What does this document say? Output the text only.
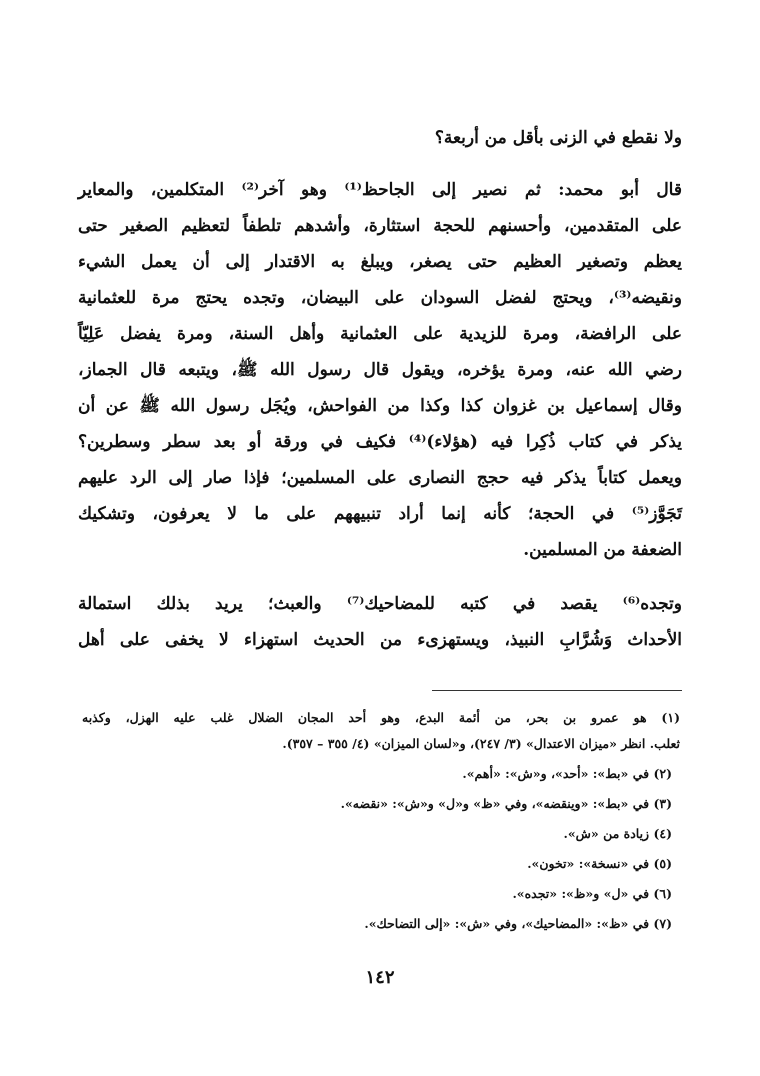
ولا نقطع في الزنى بأقل من أربعة؟
قال أبو محمد: ثم نصير إلى الجاحظ⁽¹⁾ وهو آخر⁽²⁾ المتكلمين، والمعاير
على المتقدمين، وأحسنهم للحجة استثارة، وأشدهم تلطفاً لتعظيم الصغير حتى
يعظم وتصغير العظيم حتى يصغر، ويبلغ به الاقتدار إلى أن يعمل الشيء
ونقيضه⁽³⁾، ويحتج لفضل السودان على البيضان، وتجده يحتج مرة للعثمانية
على الرافضة، ومرة للزيدية على العثمانية وأهل السنة، ومرة يفضل عَلِيّاً
رضي الله عنه، ومرة يؤخره، ويقول قال رسول الله ﷺ، ويتبعه قال الجماز،
وقال إسماعيل بن غزوان كذا وكذا من الفواحش، ويُجَل رسول الله ﷺ عن أن
يذكر في كتاب ذُكِرا فيه (هؤلاء)⁽⁴⁾ فكيف في ورقة أو بعد سطر وسطرين؟
ويعمل كتاباً يذكر فيه حجج النصارى على المسلمين؛ فإذا صار إلى الرد عليهم
تَجَوَّز⁽⁵⁾ في الحجة؛ كأنه إنما أراد تنبيههم على ما لا يعرفون، وتشكيك
الضعفة من المسلمين.
وتجده⁽⁶⁾ يقصد في كتبه للمضاحيك⁽⁷⁾ والعبث؛ يريد بذلك استمالة
الأحداث وَشُرَّابِ النبيذ، ويستهزىء من الحديث استهزاء لا يخفى على أهل
(١) هو عمرو بن بحر، من أئمة البدع، وهو أحد المجان الضلال غلب عليه الهزل، وكذبه
ثعلب. انظر «ميزان الاعتدال» (٣/ ٢٤٧)، و«لسان الميزان» (٤/ ٣٥٥ – ٣٥٧).
(٢) في «بط»: «أحد»، و«ش»: «أهم».
(٣) في «بط»: «وينقضه»، وفي «ظ» و«ل» و«ش»: «نقضه».
(٤) زيادة من «ش».
(٥) في «نسخة»: «تخون».
(٦) في «ل» و«ظ»: «تجده».
(٧) في «ظ»: «المضاحيك»، وفي «ش»: «إلى التضاحك».
١٤٢
